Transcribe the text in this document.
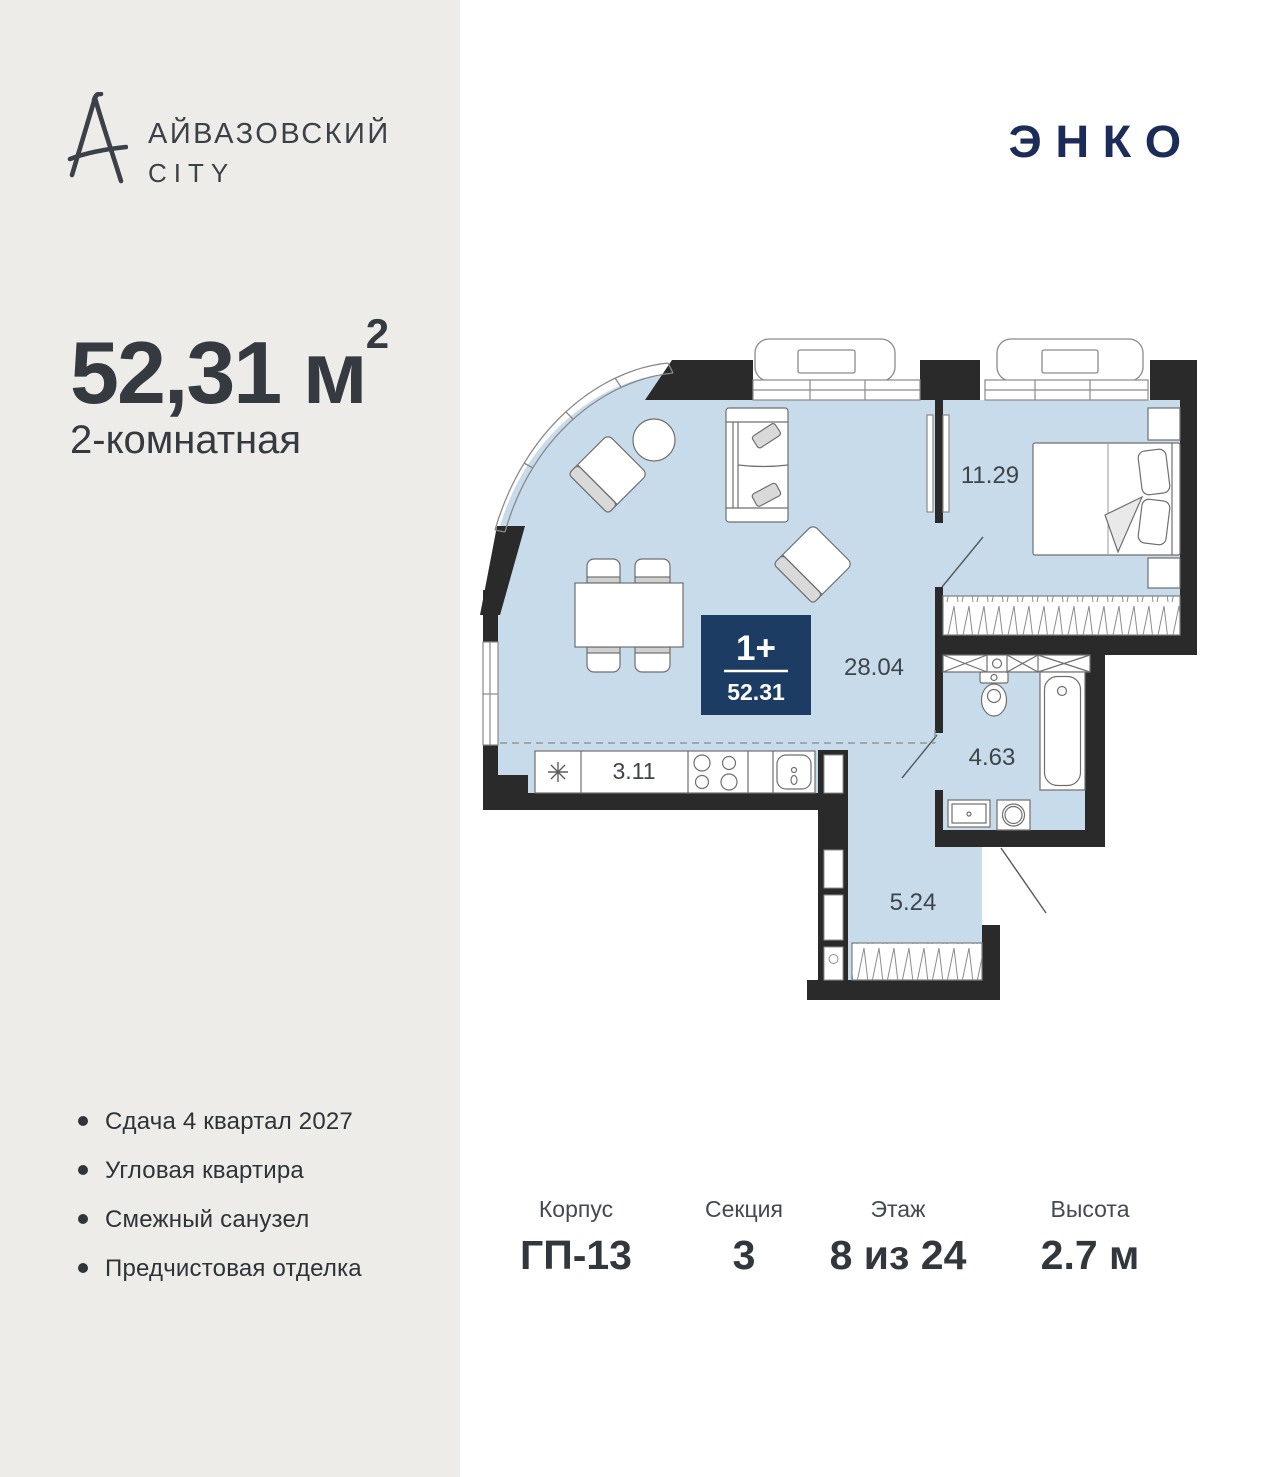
АЙВАЗОВСКИЙ
CITY
ЭНКО
52,31 $м^2$
2-комнатная
Сдача 4 квартал 2027
Угловая квартира
Смежный санузел
Предчистовая отделка
Корпус
ГП-13
Секция
3
Этаж
8 из 24
Высота
2.7 м
1+
52.31
28.04
11.29
4.63
3.11
5.24
